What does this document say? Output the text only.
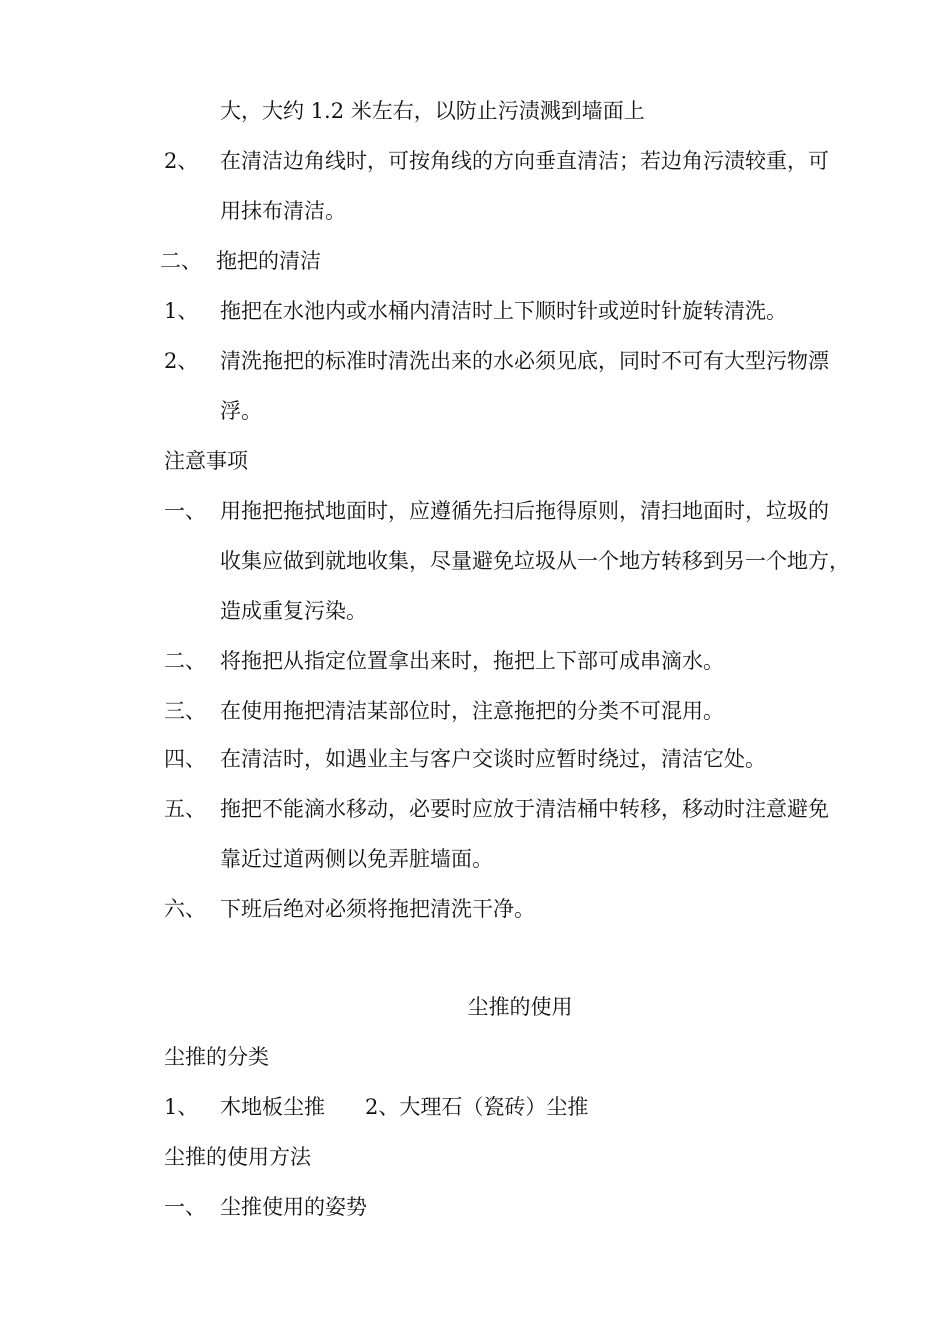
大，大约 1.2 米左右，以防止污渍溅到墙面上
2、 在清洁边角线时，可按角线的方向垂直清洁；若边角污渍较重，可
用抹布清洁。
二、 拖把的清洁
1、 拖把在水池内或水桶内清洁时上下顺时针或逆时针旋转清洗。
2、 清洗拖把的标准时清洗出来的水必须见底，同时不可有大型污物漂
浮。
注意事项
一、 用拖把拖拭地面时，应遵循先扫后拖得原则，清扫地面时，垃圾的
收集应做到就地收集，尽量避免垃圾从一个地方转移到另一个地方，
造成重复污染。
二、 将拖把从指定位置拿出来时，拖把上下部可成串滴水。
三、 在使用拖把清洁某部位时，注意拖把的分类不可混用。
四、 在清洁时，如遇业主与客户交谈时应暂时绕过，清洁它处。
五、 拖把不能滴水移动，必要时应放于清洁桶中转移，移动时注意避免
靠近过道两侧以免弄脏墙面。
六、 下班后绝对必须将拖把清洗干净。
尘推的使用
尘推的分类
1、 木地板尘推 2、大理石（瓷砖）尘推
尘推的使用方法
一、 尘推使用的姿势
